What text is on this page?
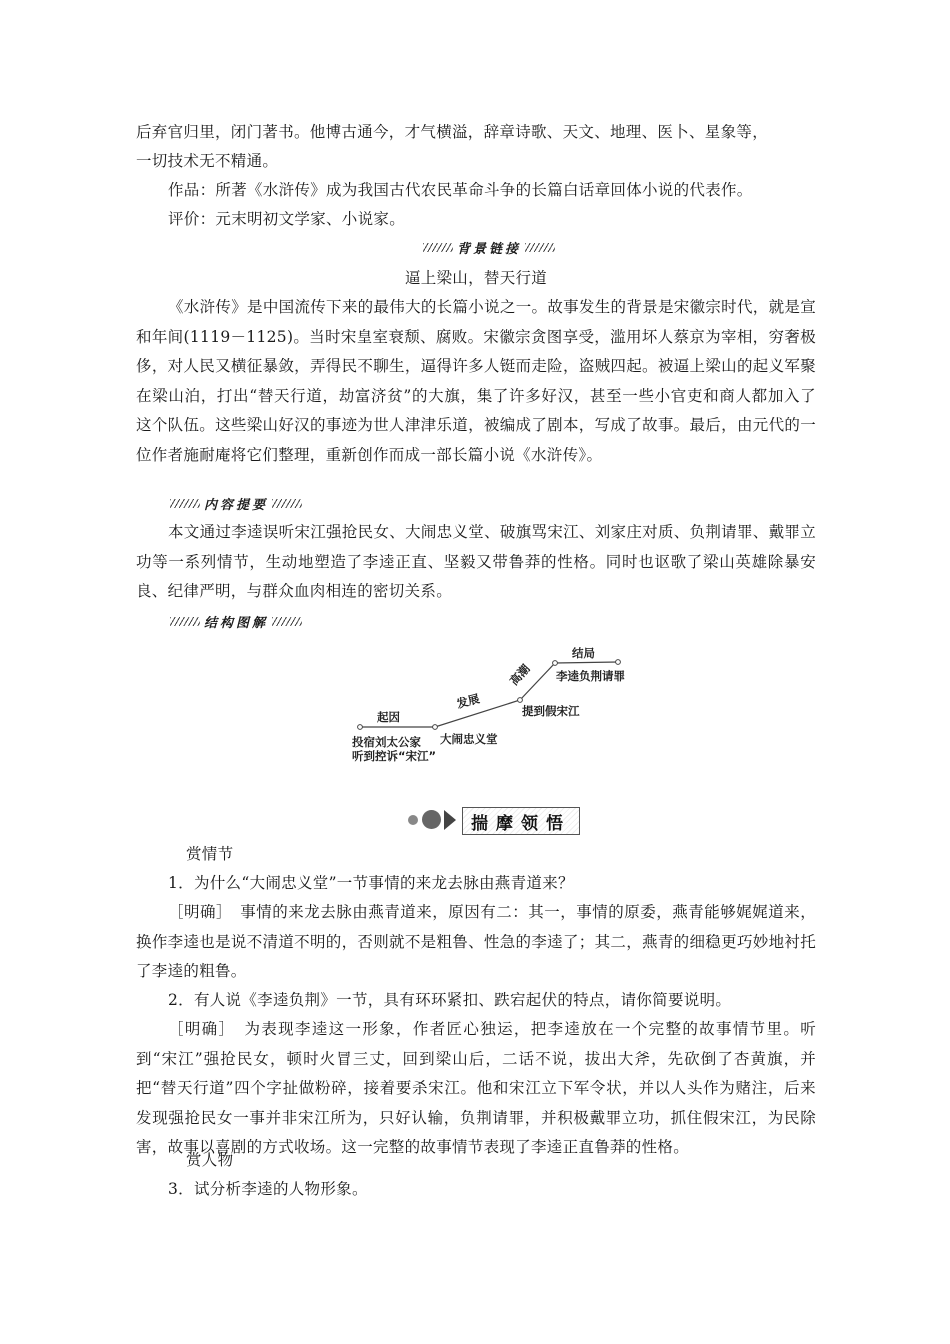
后弃官归里，闭门著书。他博古通今，才气横溢，辞章诗歌、天文、地理、医卜、星象等，

一切技术无不精通。

作品：所著《水浒传》成为我国古代农民革命斗争的长篇白话章回体小说的代表作。

评价：元末明初文学家、小说家。

背景链接

逼上梁山，替天行道

《水浒传》是中国流传下来的最伟大的长篇小说之一。故事发生的背景是宋徽宗时代，就是宣和年间(1119－1125)。当时宋皇室衰颓、腐败。宋徽宗贪图享受，滥用坏人蔡京为宰相，穷奢极侈，对人民又横征暴敛，弄得民不聊生，逼得许多人铤而走险，盗贼四起。被逼上梁山的起义军聚在梁山泊，打出“替天行道，劫富济贫”的大旗，集了许多好汉，甚至一些小官吏和商人都加入了这个队伍。这些梁山好汉的事迹为世人津津乐道，被编成了剧本，写成了故事。最后，由元代的一位作者施耐庵将它们整理，重新创作而成一部长篇小说《水浒传》。

内容提要

本文通过李逵误听宋江强抢民女、大闹忠义堂、破旗骂宋江、刘家庄对质、负荆请罪、戴罪立功等一系列情节，生动地塑造了李逵正直、坚毅又带鲁莽的性格。同时也讴歌了梁山英雄除暴安良、纪律严明，与群众血肉相连的密切关系。

结构图解
起因
发展
高潮
结局
投宿刘太公家
听到控诉“宋江”
大闹忠义堂
提到假宋江
李逵负荆请罪
揣摩领悟

赏情节

1．为什么“大闹忠义堂”一节事情的来龙去脉由燕青道来？

［明确］　事情的来龙去脉由燕青道来，原因有二：其一，事情的原委，燕青能够娓娓道来，换作李逵也是说不清道不明的，否则就不是粗鲁、性急的李逵了；其二，燕青的细稳更巧妙地衬托了李逵的粗鲁。

2．有人说《李逵负荆》一节，具有环环紧扣、跌宕起伏的特点，请你简要说明。

［明确］　为表现李逵这一形象，作者匠心独运，把李逵放在一个完整的故事情节里。听到“宋江”强抢民女，顿时火冒三丈，回到梁山后，二话不说，拔出大斧，先砍倒了杏黄旗，并把“替天行道”四个字扯做粉碎，接着要杀宋江。他和宋江立下军令状，并以人头作为赌注，后来发现强抢民女一事并非宋江所为，只好认输，负荆请罪，并积极戴罪立功，抓住假宋江，为民除害，故事以喜剧的方式收场。这一完整的故事情节表现了李逵正直鲁莽的性格。

赏人物

3．试分析李逵的人物形象。
